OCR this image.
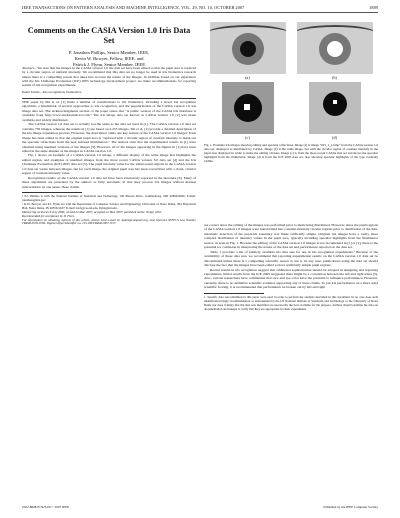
IEEE TRANSACTIONS ON PATTERN ANALYSIS AND MACHINE INTELLIGENCE, VOL. 29, NO. 10, OCTOBER 2007	1889
Comments on the CASIA Version 1.0 Iris Data Set
P. Jonathon Phillips, Senior Member, IEEE,
Kevin W. Bowyer, Fellow, IEEE, and
Patrick J. Flynn, Senior Member, IEEE
Abstract—We note that the images in the CASIA version 1.0 iris data set have been edited so that the pupil area is replaced by a circular region of uniform intensity. We recommend that this data set no longer be used in iris biometrics research unless there is a compelling reason that takes into account the nature of the images. In addition, based on our experience with the Iris Challenge Evaluation (ICE) 2005 technology development project, we make recommendations for reporting results of iris recognition experiments.
Index Terms—Iris recognition, biometrics.

THE paper by Ma et al. [1] made a number of contributions to iris biometrics, including a novel iris recognition algorithm, a benchmark of several approaches to iris recognition, and the popularization of the CASIA version 1.0 iris image data set. The Acknowledgments section of the paper states that "A public version of the CASIA Iris Database is available from http://www.sinobiometrics.com." The iris image data set known as CASIA version 1.0 [2] was made available and widely distributed.

The CASIA version 1.0 data set is actually not the same as the data set used in [1]. The CASIA version 1.0 data set contains 756 images, whereas the results in [1] are based on 2,255 images. Ma et al. [1] provide a detailed description of the iris image acquisition process. However, the description omits one key feature of the CASIA version 1.0 images: Each image has been edited so that the original pupil area is "replaced with a circular region of constant intensity to mask out the specular reflections from the near infrared illuminators." The authors state that the experimental results in [1] were obtained using unedited versions of the images [3]. However, all of the images appearing in the figures in [1] have been edited in the same manner as the images in CASIA version 1.0.

Fig. 1 shows an example of a CASIA version 1.0 image, a different display of the same image that highlights the edited region, and examples of unedited images from the more recent CASIA version 3.0 data set [4] and the Iris Challenge Evaluation (ICE) 2005 data set [5]. The pupil intensity value for the edited pupil regions in the CASIA version 1.0 data set varies between images, but for each image, the original pupil area has been overwritten with a clean, circular region of constant intensity value.

Recognition results on the CASIA version 1.0 data set have been extensively reported in the literature [6]. Many of these algorithms are presented by the authors as fully automatic in that they process iris images without manual interventions. In one sense, these claims

• P.J. Phillips is with the National Institute of Standards and Technology, 100 Bureau Drive, Gaithersburg, MD 20899-8940. E-mail: jonathon@nist.gov.
• K.W. Bowyer and P.J. Flynn are with the Department of Computer Science and Engineering, University of Notre Dame, 384 Fitzpatrick Hall, Notre Dame, IN 46556-5637. E-mail: kwb@cse.nd.edu, flynn@nd.edu.
Manuscript received 16 July 2006; revised 22 Mar. 2007; accepted 22 Mar. 2007; published online 18 Apr. 2007.
Recommended for acceptance by D. Fleet.
For information on obtaining reprints of this article, please send e-mail to: tpami@computer.org, and reference IEEECS Log Number TPAMI-0539-0706. Digital Object Identifier no. 10.1109/TPAMI.2007.1137.
(a)	(b)
(c)	(d)
Fig. 1. Example iris images showing editing and specular reflections. Image (a) is image "001_1_1.bmp" from the CASIA version 1.0 data set, displayed as distributed by CASIA. Image (b) is the same image, but with the circular region of constant intensity in the pupil area displayed in white to make the editing obvious. Image (c) is from the more recent CASIA data set and shows the specular highlights from the illuminator. Image (d) is from the ICE 2005 data set, also showing specular highlights of the type normally visible.

are correct since the editing of the images was performed prior to them being distributed. However, since the pupil regions of the CASIA version 1.0 images were transformed into constant-intensity circular regions prior to distribution of the data, automatic detection of the pupil-iris boundary was made artificially simple. Original iris images have a vastly more complex distribution of intensity values in the pupil area, typically including specular highlights from the illuminator source, as seen in Fig. 1. Because the editing of the CASIA version 1.0 images is not documented in [1] or [2], there is the potential for confusion in interpreting the nature of the data set and performance reported on the data set.

Table 1 provides a list of publicly available iris data sets for use in iris recognition experiments.¹ Because of the availability of these data sets, we recommend that reporting experimental results on the CASIA version 1.0 data set be discontinued unless there is a compelling scientific reason to use it. In any case, publications using the data set should disclose the fact that the images have been edited to have artificially simple pupil regions.

Recent results in iris recognition suggest that additional sophistication should be adopted in designing and reporting experiments. Initial results from the ICE 2005 suggested there might be a correlation between the left and right irises [5]. Also, various researchers have commented that race and eye color have the potential to influence performance. However, currently, there is no definitive scientific evidence supporting any of these claims. To put iris performance on a more solid scientific footing, it is recommended that performance be broken out by left and right

1. Specific data sets identified in this paper were used in order to perform the analysis described in this document. In no case does such identification imply recommendation or endorsement by the US National Institute of Standards and Technology or the University of Notre Dame nor does it imply that the data sets identified are necessarily the best available for the purpose. Authors should examine the data set documentation and images to verify that they are appropriate for their experiments.
0162-8828/07/$25.00 © 2007 IEEE	Published by the IEEE Computer Society
